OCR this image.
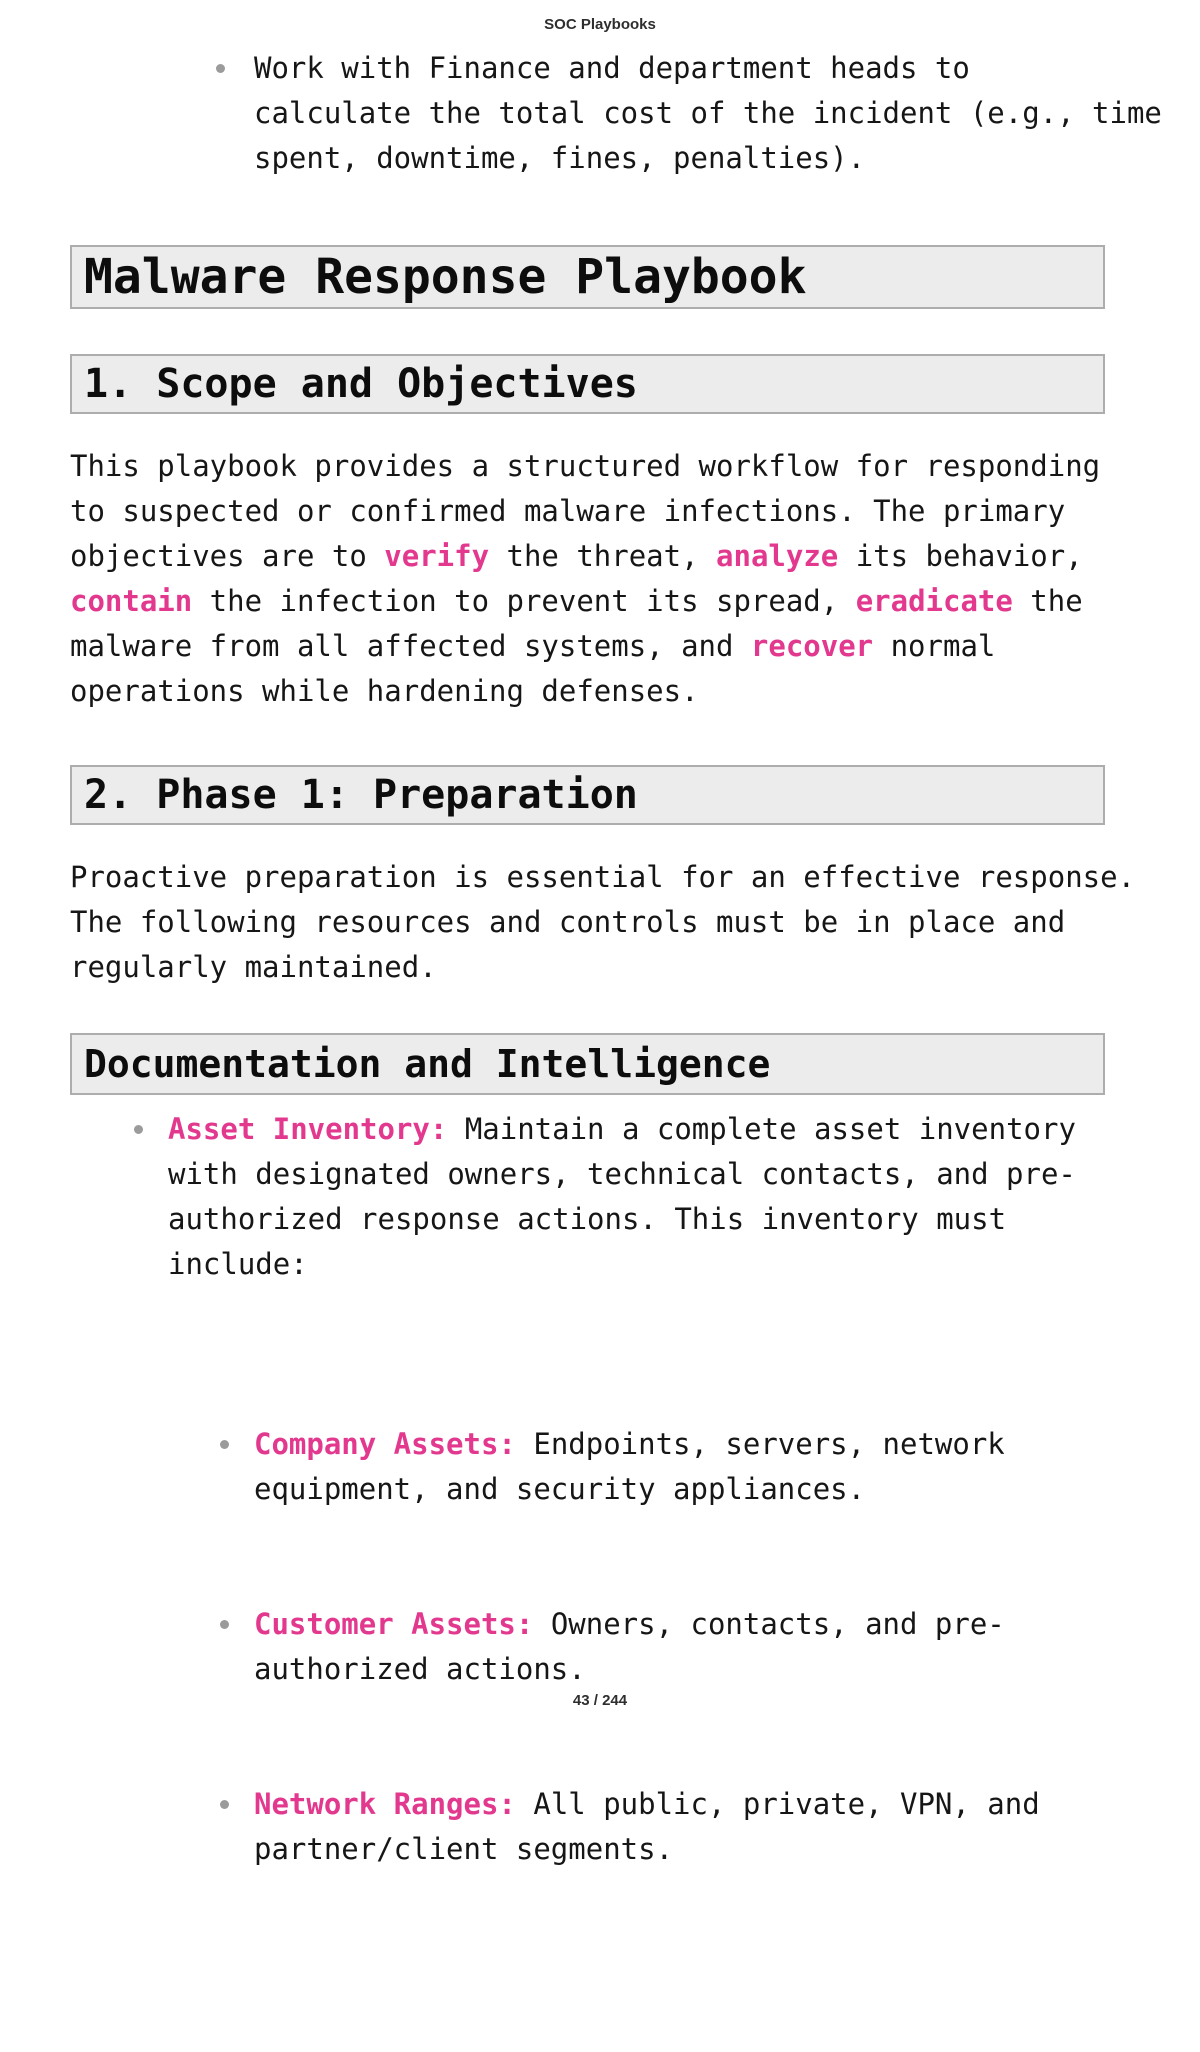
SOC Playbooks
Work with Finance and department heads to
calculate the total cost of the incident (e.g., time
spent, downtime, fines, penalties).
Malware Response Playbook
1. Scope and Objectives

This playbook provides a structured workflow for responding
to suspected or confirmed malware infections. The primary
objectives are to verify the threat, analyze its behavior,
contain the infection to prevent its spread, eradicate the
malware from all affected systems, and recover normal
operations while hardening defenses.

2. Phase 1: Preparation

Proactive preparation is essential for an effective response.
The following resources and controls must be in place and
regularly maintained.

Documentation and Intelligence
Asset Inventory: Maintain a complete asset inventory
with designated owners, technical contacts, and pre-
authorized response actions. This inventory must
include:

Company Assets: Endpoints, servers, network
equipment, and security appliances.

Customer Assets: Owners, contacts, and pre-
authorized actions.

Network Ranges: All public, private, VPN, and
partner/client segments.

43 / 244
